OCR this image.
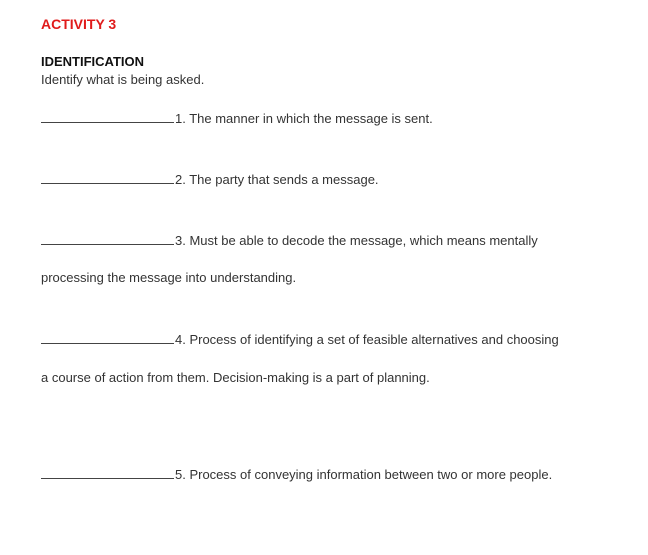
ACTIVITY 3
IDENTIFICATION
Identify what is being asked.
1. The manner in which the message is sent.
2. The party that sends a message.
3. Must be able to decode the message, which means mentally
processing the message into understanding.
4. Process of identifying a set of feasible alternatives and choosing
a course of action from them. Decision-making is a part of planning.
5. Process of conveying information between two or more people.
